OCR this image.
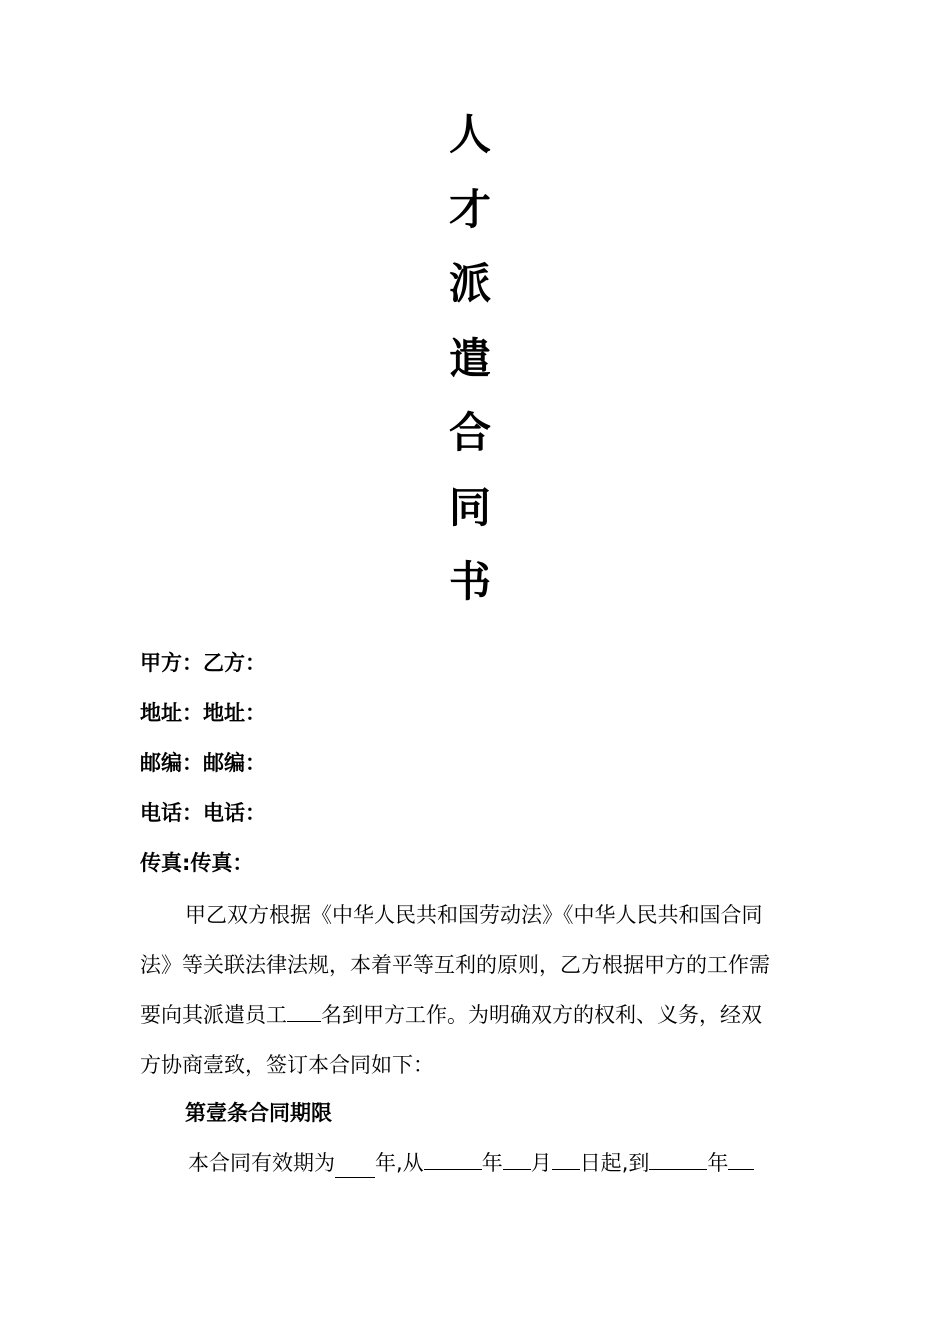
人
才
派
遣
合
同
书
甲方：乙方：
地址：地址：
邮编：邮编：
电话：电话：
传真:传真：
甲乙双方根据《中华人民共和国劳动法》《中华人民共和国合同
法》等关联法律法规，本着平等互利的原则，乙方根据甲方的工作需
要向其派遣员工 名到甲方工作。为明确双方的权利、义务，经双
方协商壹致，签订本合同如下：
第壹条合同期限
本合同有效期为 年,从	年 月 日起,到	年
